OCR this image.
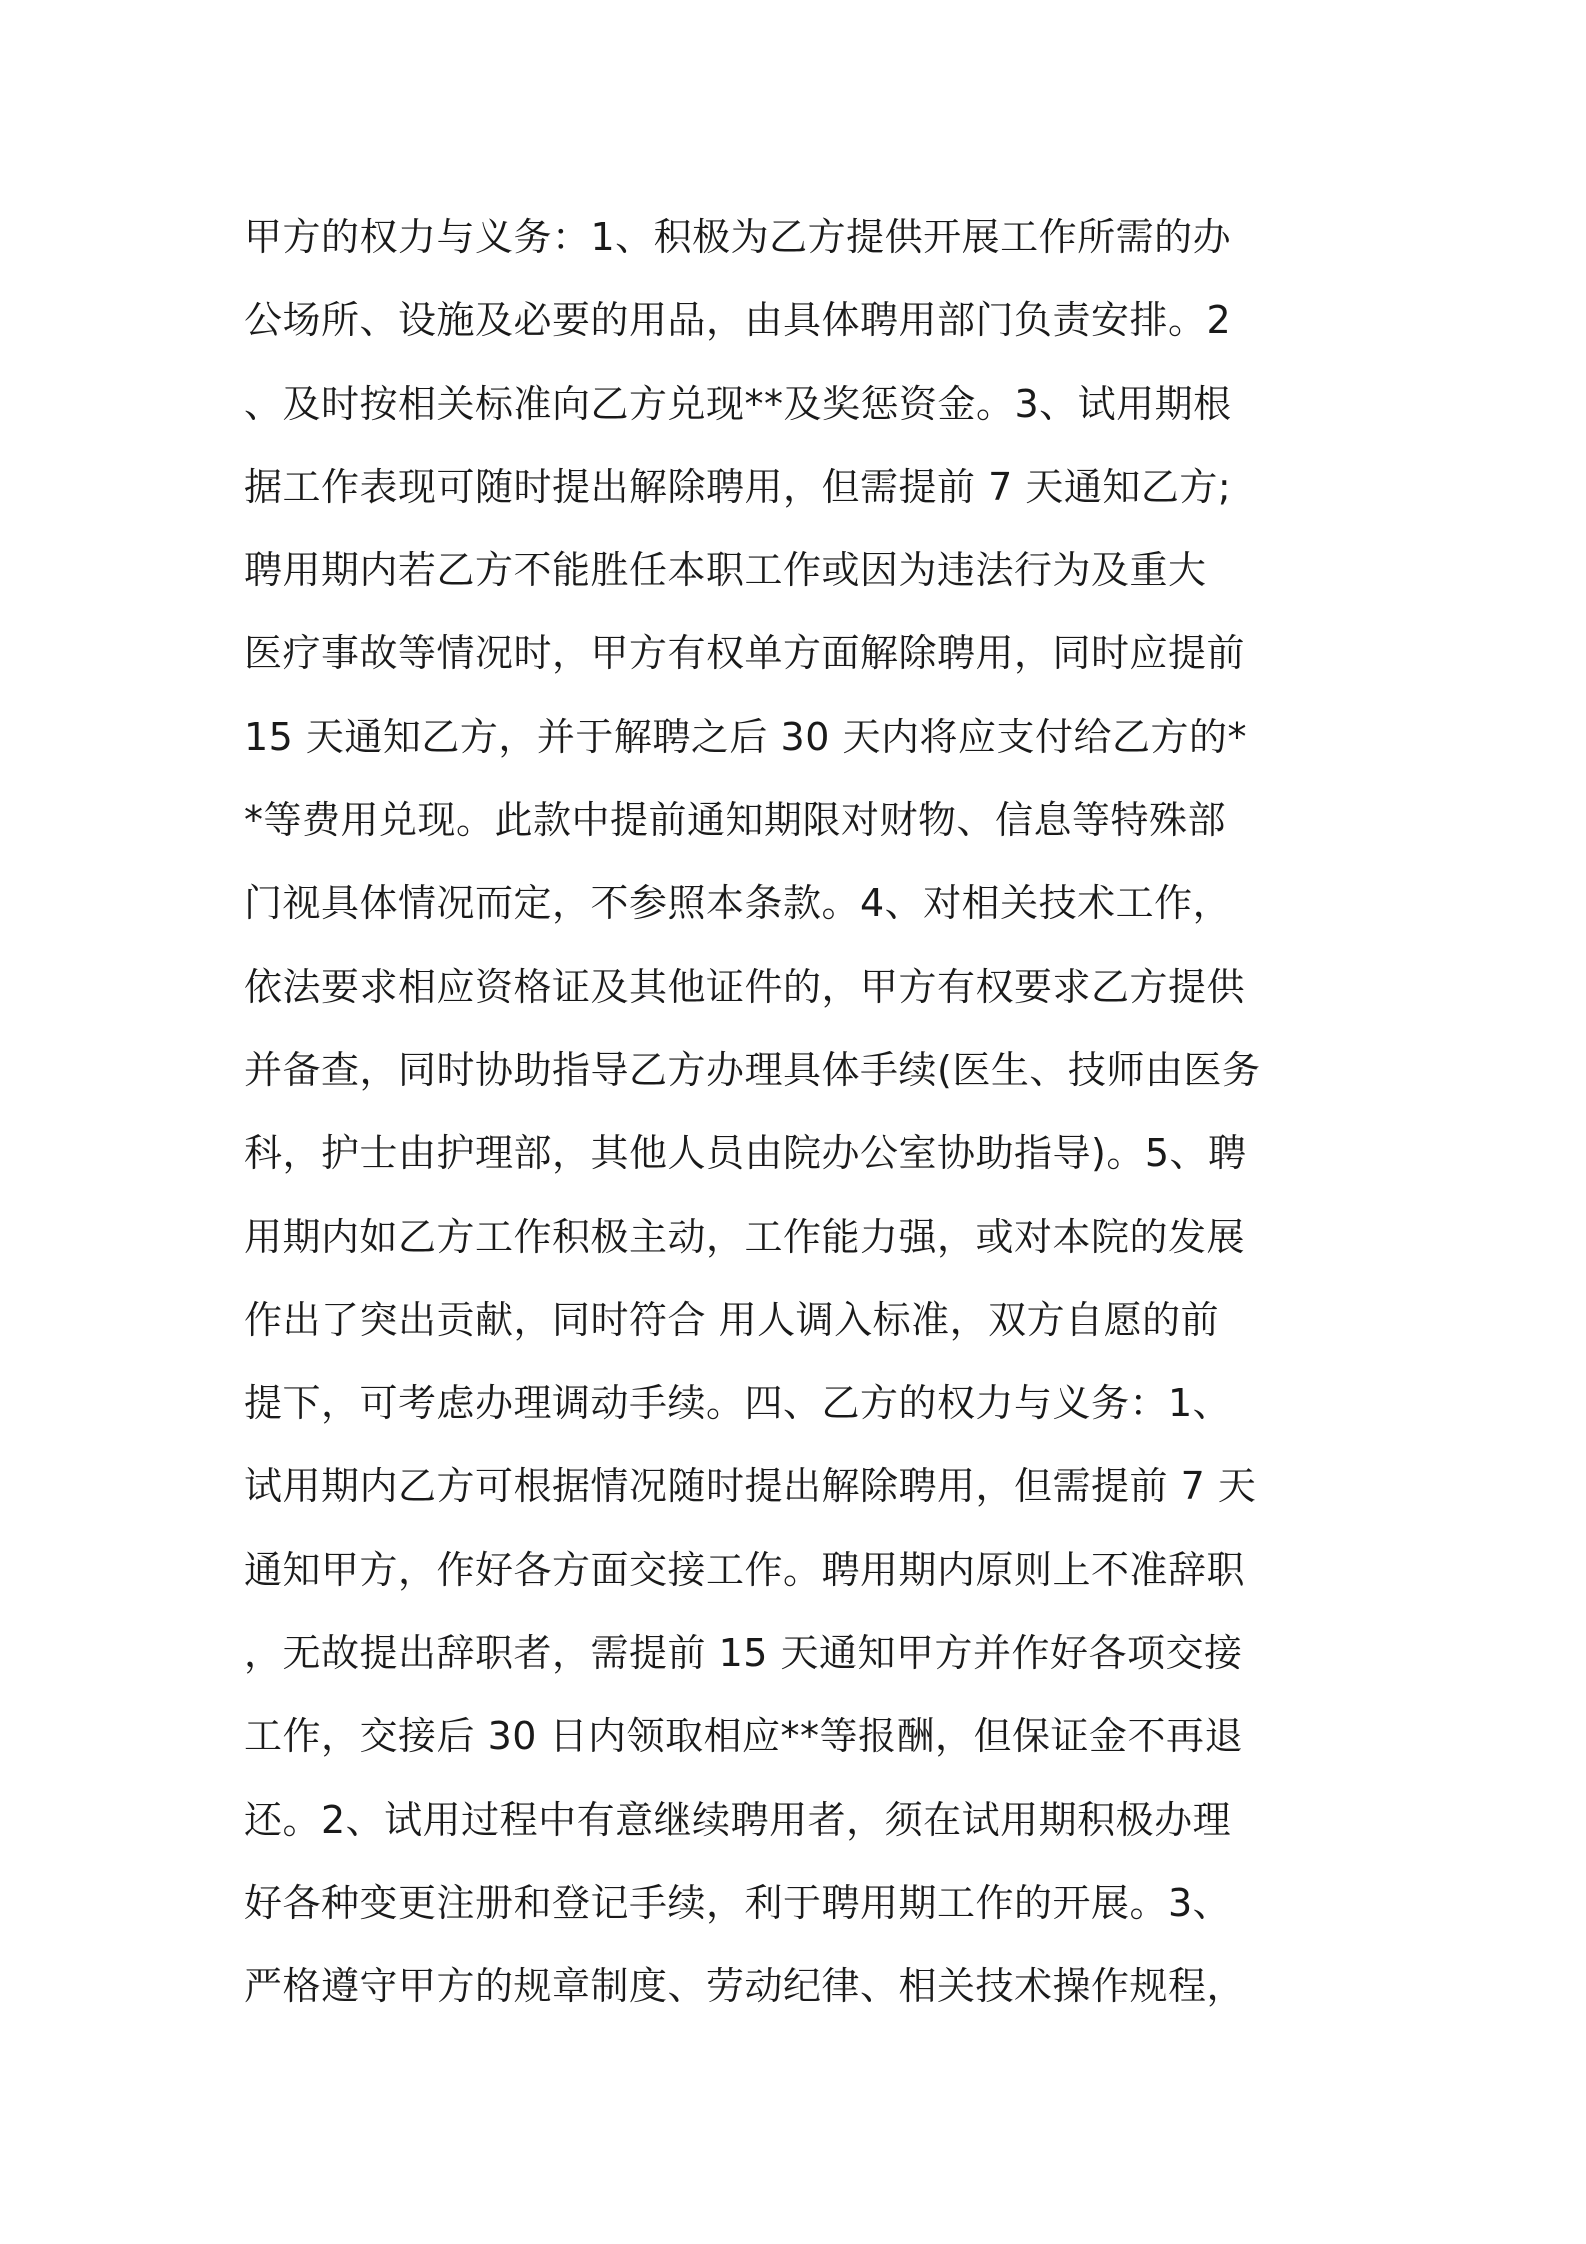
甲方的权力与义务：1、积极为乙方提供开展工作所需的办
公场所、设施及必要的用品，由具体聘用部门负责安排。2
、及时按相关标准向乙方兑现**及奖惩资金。3、试用期根
据工作表现可随时提出解除聘用，但需提前 7 天通知乙方;
聘用期内若乙方不能胜任本职工作或因为违法行为及重大
医疗事故等情况时，甲方有权单方面解除聘用，同时应提前
15 天通知乙方，并于解聘之后 30 天内将应支付给乙方的*
*等费用兑现。此款中提前通知期限对财物、信息等特殊部
门视具体情况而定，不参照本条款。4、对相关技术工作，
依法要求相应资格证及其他证件的，甲方有权要求乙方提供
并备查，同时协助指导乙方办理具体手续(医生、技师由医务
科，护士由护理部，其他人员由院办公室协助指导)。5、聘
用期内如乙方工作积极主动，工作能力强，或对本院的发展
作出了突出贡献，同时符合 用人调入标准，双方自愿的前
提下，可考虑办理调动手续。四、乙方的权力与义务：1、
试用期内乙方可根据情况随时提出解除聘用，但需提前 7 天
通知甲方，作好各方面交接工作。聘用期内原则上不准辞职
，无故提出辞职者，需提前 15 天通知甲方并作好各项交接
工作，交接后 30 日内领取相应**等报酬，但保证金不再退
还。2、试用过程中有意继续聘用者，须在试用期积极办理
好各种变更注册和登记手续，利于聘用期工作的开展。3、
严格遵守甲方的规章制度、劳动纪律、相关技术操作规程，
